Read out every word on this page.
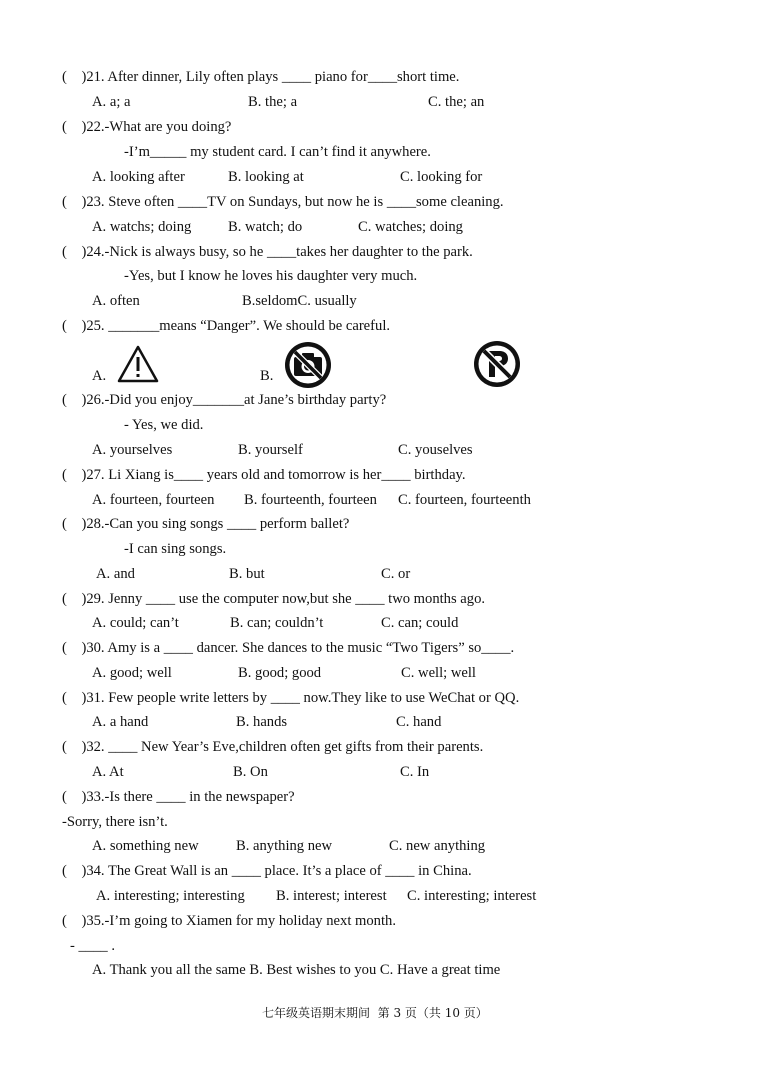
(    )21. After dinner, Lily often plays ____ piano for____short time.
A. a; a	B. the; a	C. the; an
(    )22.-What are you doing?
-I’m_____ my student card. I can’t find it anywhere.
A. looking after	B. looking at	C. looking for
(    )23. Steve often ____TV on Sundays, but now he is ____some cleaning.
A. watchs; doing	B. watch; do	C. watches; doing
(    )24.-Nick is always busy, so he ____takes her daughter to the park.
-Yes, but I know he loves his daughter very much.
A. often	B.seldomC. usually
(    )25. _______means “Danger”. We should be careful.
A.	B.
(    )26.-Did you enjoy_______at Jane’s birthday party?
- Yes, we did.
A. yourselves	B. yourself	C. youselves
(    )27. Li Xiang is____ years old and tomorrow is her____ birthday.
A. fourteen, fourteen B. fourteenth, fourteen C. fourteen, fourteenth
(    )28.-Can you sing songs ____ perform ballet?
-I can sing songs.
A. and	B. but	C. or
(    )29. Jenny ____ use the computer now,but she ____ two months ago.
A. could; can’t	B. can; couldn’t	C. can; could
(    )30. Amy is a ____ dancer. She dances to the music “Two Tigers” so____.
A. good; well	B. good; good	C. well; well
(    )31. Few people write letters by ____ now.They like to use WeChat or QQ.
A. a hand	B. hands	C. hand
(    )32. ____ New Year’s Eve,children often get gifts from their parents.
A. At	B. On	C. In
(    )33.-Is there ____ in the newspaper?
-Sorry, there isn’t.
A. something new	B. anything new	C. new anything
(    )34. The Great Wall is an ____ place. It’s a place of ____ in China.
A. interesting; interesting B. interest; interest C. interesting; interest
(    )35.-I’m going to Xiamen for my holiday next month.
- ____ .
A. Thank you all the same B. Best wishes to you C. Have a great time
七年级英语期末期间  第 3 页（共 10 页）
